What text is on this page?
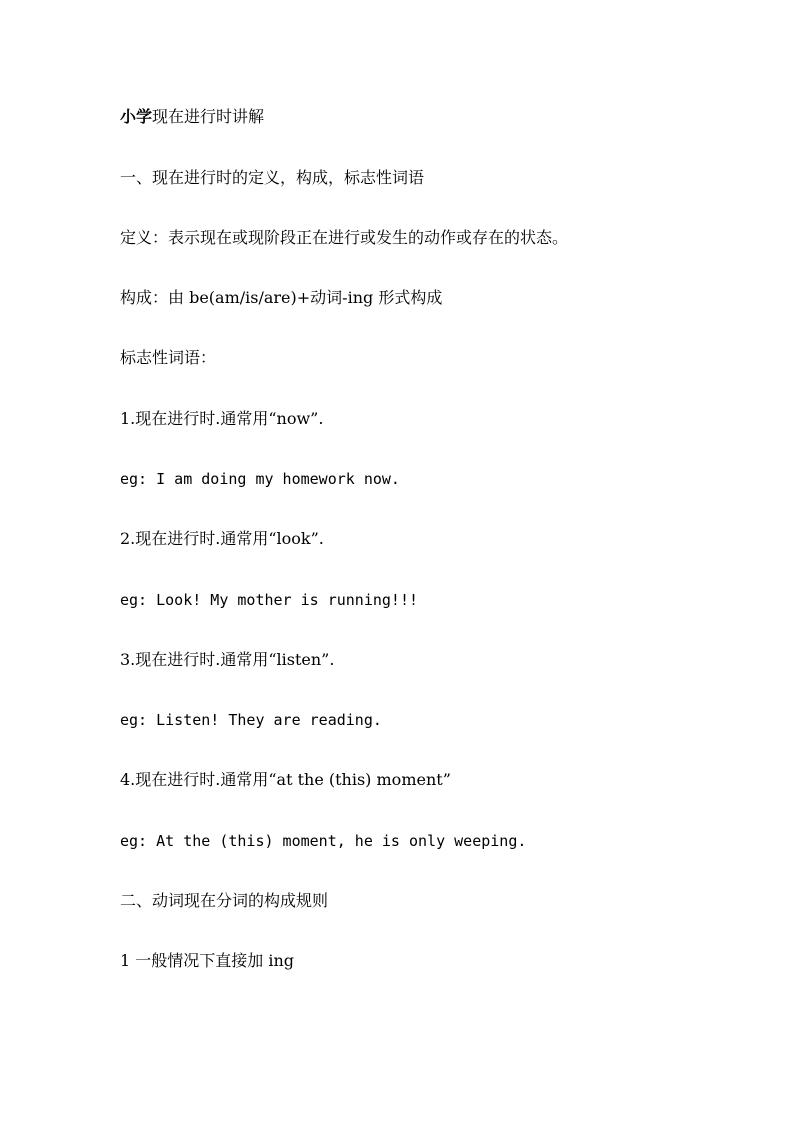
小学现在进行时讲解
一、现在进行时的定义，构成，标志性词语
定义：表示现在或现阶段正在进行或发生的动作或存在的状态。
构成：由 be(am/is/are)+动词-ing 形式构成
标志性词语：
1.现在进行时.通常用“now”.
eg: I am doing my homework now.
2.现在进行时.通常用“look”.
eg: Look! My mother is running!!!
3.现在进行时.通常用“listen”.
eg: Listen! They are reading.
4.现在进行时.通常用“at the (this) moment”
eg: At the (this) moment, he is only weeping.
二、动词现在分词的构成规则
1 一般情况下直接加 ing
